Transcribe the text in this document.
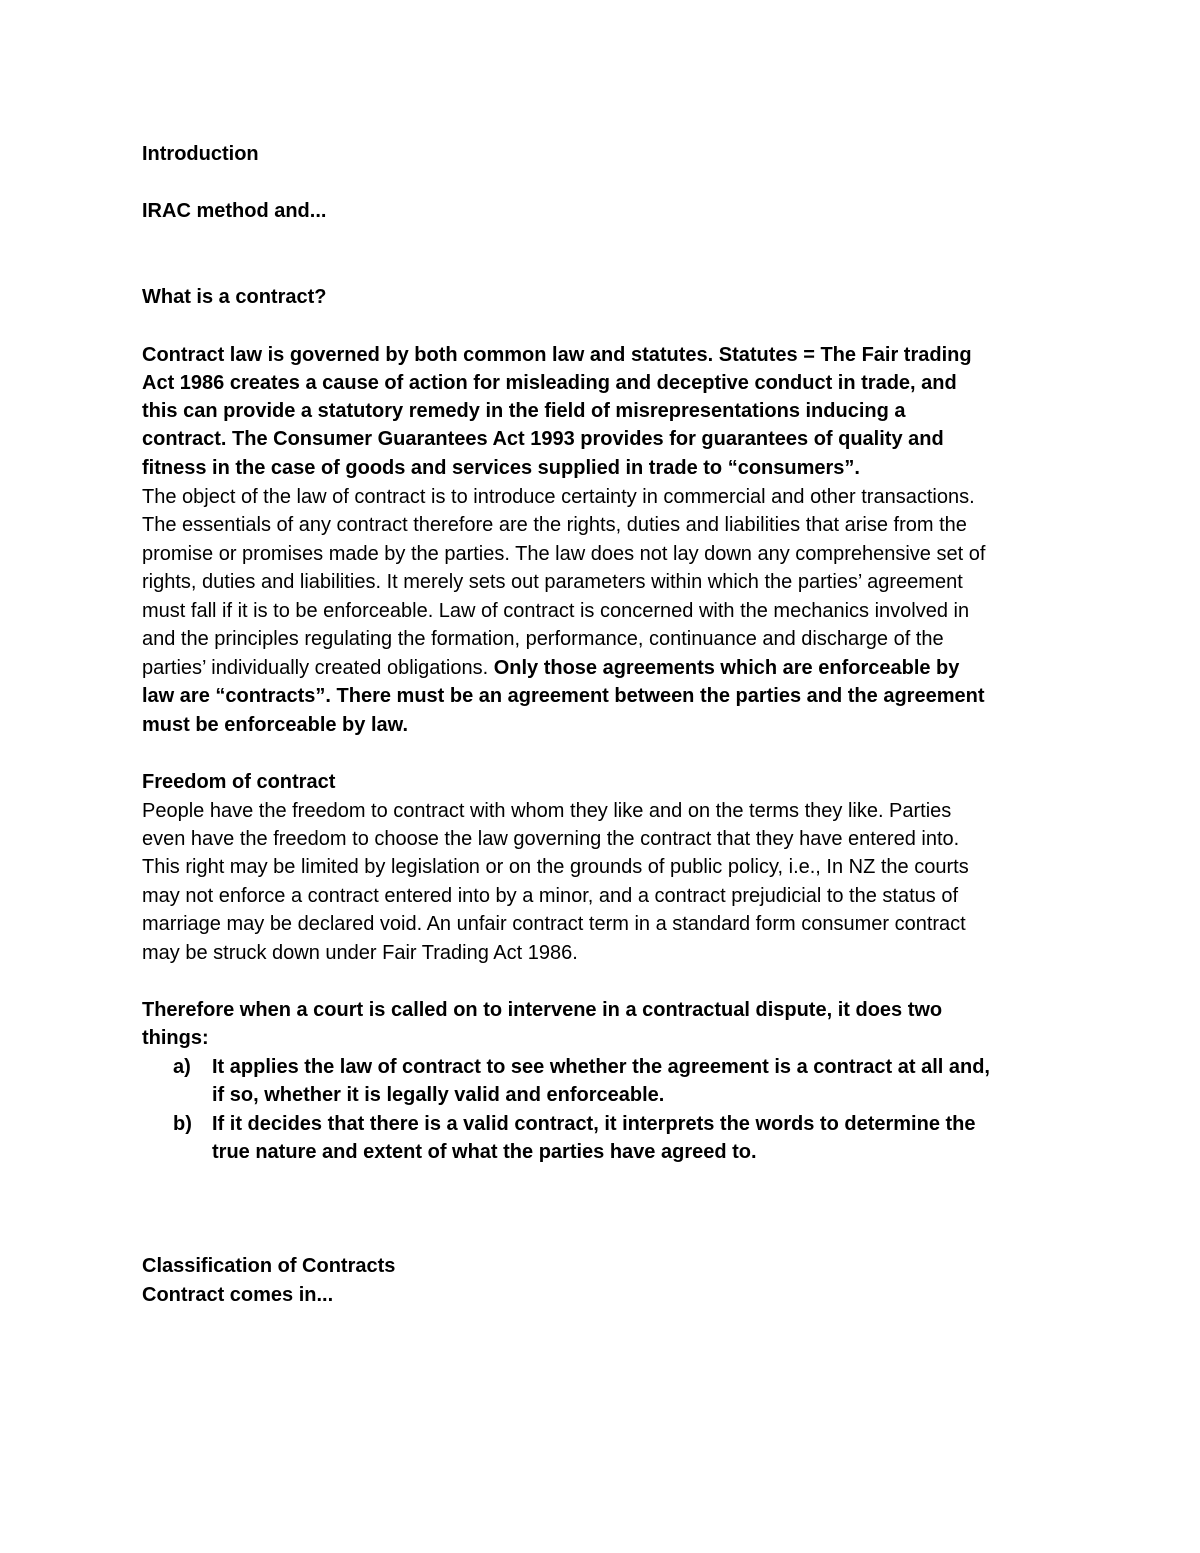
Introduction
IRAC method and...
What is a contract?
Contract law is governed by both common law and statutes. Statutes = The Fair trading
Act 1986 creates a cause of action for misleading and deceptive conduct in trade, and
this can provide a statutory remedy in the field of misrepresentations inducing a
contract. The Consumer Guarantees Act 1993 provides for guarantees of quality and
fitness in the case of goods and services supplied in trade to “consumers”.
The object of the law of contract is to introduce certainty in commercial and other transactions.
The essentials of any contract therefore are the rights, duties and liabilities that arise from the
promise or promises made by the parties. The law does not lay down any comprehensive set of
rights, duties and liabilities. It merely sets out parameters within which the parties’ agreement
must fall if it is to be enforceable. Law of contract is concerned with the mechanics involved in
and the principles regulating the formation, performance, continuance and discharge of the
parties’ individually created obligations. Only those agreements which are enforceable by
law are “contracts”. There must be an agreement between the parties and the agreement
must be enforceable by law.
Freedom of contract
People have the freedom to contract with whom they like and on the terms they like. Parties
even have the freedom to choose the law governing the contract that they have entered into.
This right may be limited by legislation or on the grounds of public policy, i.e., In NZ the courts
may not enforce a contract entered into by a minor, and a contract prejudicial to the status of
marriage may be declared void. An unfair contract term in a standard form consumer contract
may be struck down under Fair Trading Act 1986.
Therefore when a court is called on to intervene in a contractual dispute, it does two
things:
a) It applies the law of contract to see whether the agreement is a contract at all and,
if so, whether it is legally valid and enforceable.
b) If it decides that there is a valid contract, it interprets the words to determine the
true nature and extent of what the parties have agreed to.
Classification of Contracts
Contract comes in...
